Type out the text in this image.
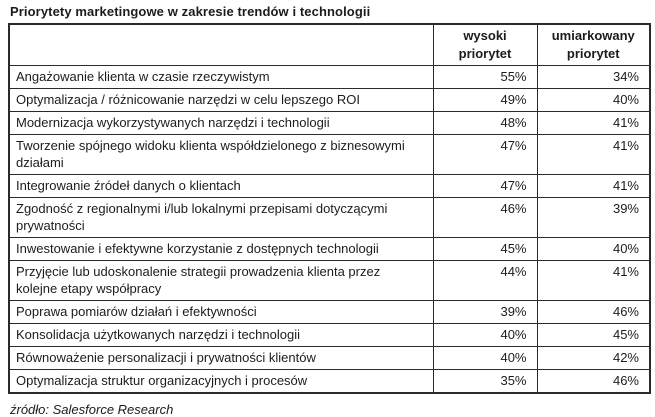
Priorytety marketingowe w zakresie trendów i technologii
	wysoki priorytet	umiarkowany priorytet
Angażowanie klienta w czasie rzeczywistym	55%	34%
Optymalizacja / różnicowanie narzędzi w celu lepszego ROI	49%	40%
Modernizacja wykorzystywanych narzędzi i technologii	48%	41%
Tworzenie spójnego widoku klienta współdzielonego z biznesowymi działami	47%	41%
Integrowanie źródeł danych o klientach	47%	41%
Zgodność z regionalnymi i/lub lokalnymi przepisami dotyczącymi prywatności	46%	39%
Inwestowanie i efektywne korzystanie z dostępnych technologii	45%	40%
Przyjęcie lub udoskonalenie strategii prowadzenia klienta przez kolejne etapy współpracy	44%	41%
Poprawa pomiarów działań i efektywności	39%	46%
Konsolidacja użytkowanych narzędzi i technologii	40%	45%
Równoważenie personalizacji i prywatności klientów	40%	42%
Optymalizacja struktur organizacyjnych i procesów	35%	46%
źródło: Salesforce Research
